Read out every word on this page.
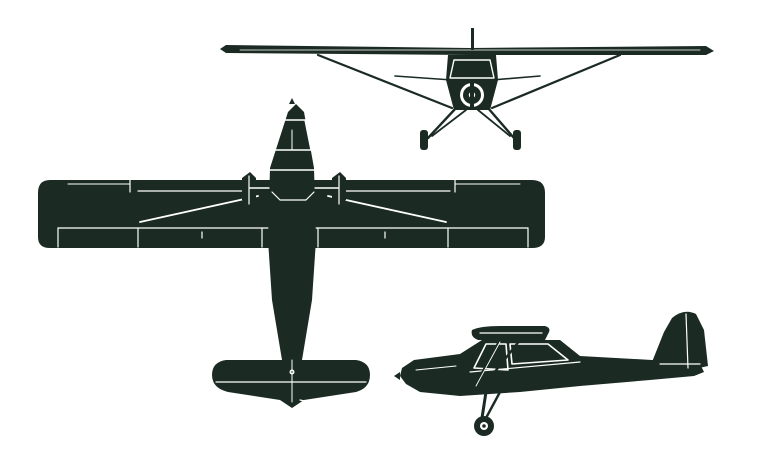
Cw
